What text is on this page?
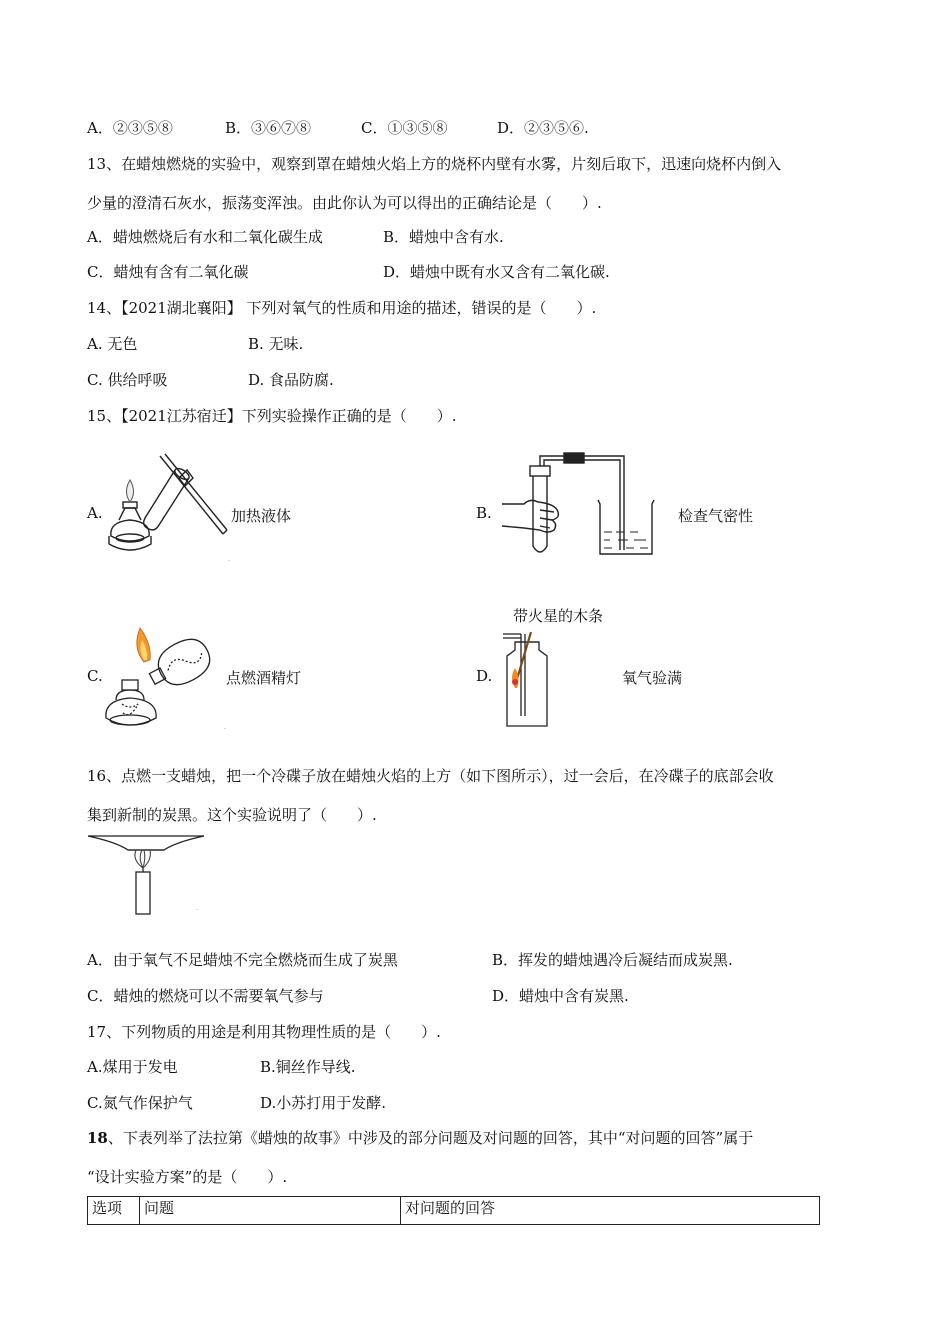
A．②③⑤⑧	B．③⑥⑦⑧	C．①③⑤⑧	D．②③⑤⑥.
13、在蜡烛燃烧的实验中，观察到罩在蜡烛火焰上方的烧杯内壁有水雾，片刻后取下，迅速向烧杯内倒入
少量的澄清石灰水，振荡变浑浊。由此你认为可以得出的正确结论是（　　）.
A．蜡烛燃烧后有水和二氧化碳生成	B．蜡烛中含有水.
C．蜡烛有含有二氧化碳	D．蜡烛中既有水又含有二氧化碳.
14、【2021湖北襄阳】 下列对氧气的性质和用途的描述，错误的是（　　）.
A. 无色	B. 无味.
C. 供给呼吸	D. 食品防腐.
15、【2021江苏宿迁】下列实验操作正确的是（　　）.
A.	加热液体
.
B.	检查气密性
C.	点燃酒精灯
.
带火星的木条
D.	氧气验满
16、点燃一支蜡烛，把一个冷碟子放在蜡烛火焰的上方（如下图所示），过一会后，在冷碟子的底部会收
集到新制的炭黑。这个实验说明了（　　）.
.
A．由于氧气不足蜡烛不完全燃烧而生成了炭黑	B．挥发的蜡烛遇冷后凝结而成炭黑.
C．蜡烛的燃烧可以不需要氧气参与	D．蜡烛中含有炭黑.
17、下列物质的用途是利用其物理性质的是（　　）.
A.煤用于发电	B.铜丝作导线.
C.氮气作保护气	D.小苏打用于发酵.
18、下表列举了法拉第《蜡烛的故事》中涉及的部分问题及对问题的回答，其中“对问题的回答”属于
“设计实验方案”的是（　　）.
选项	问题	对问题的回答
